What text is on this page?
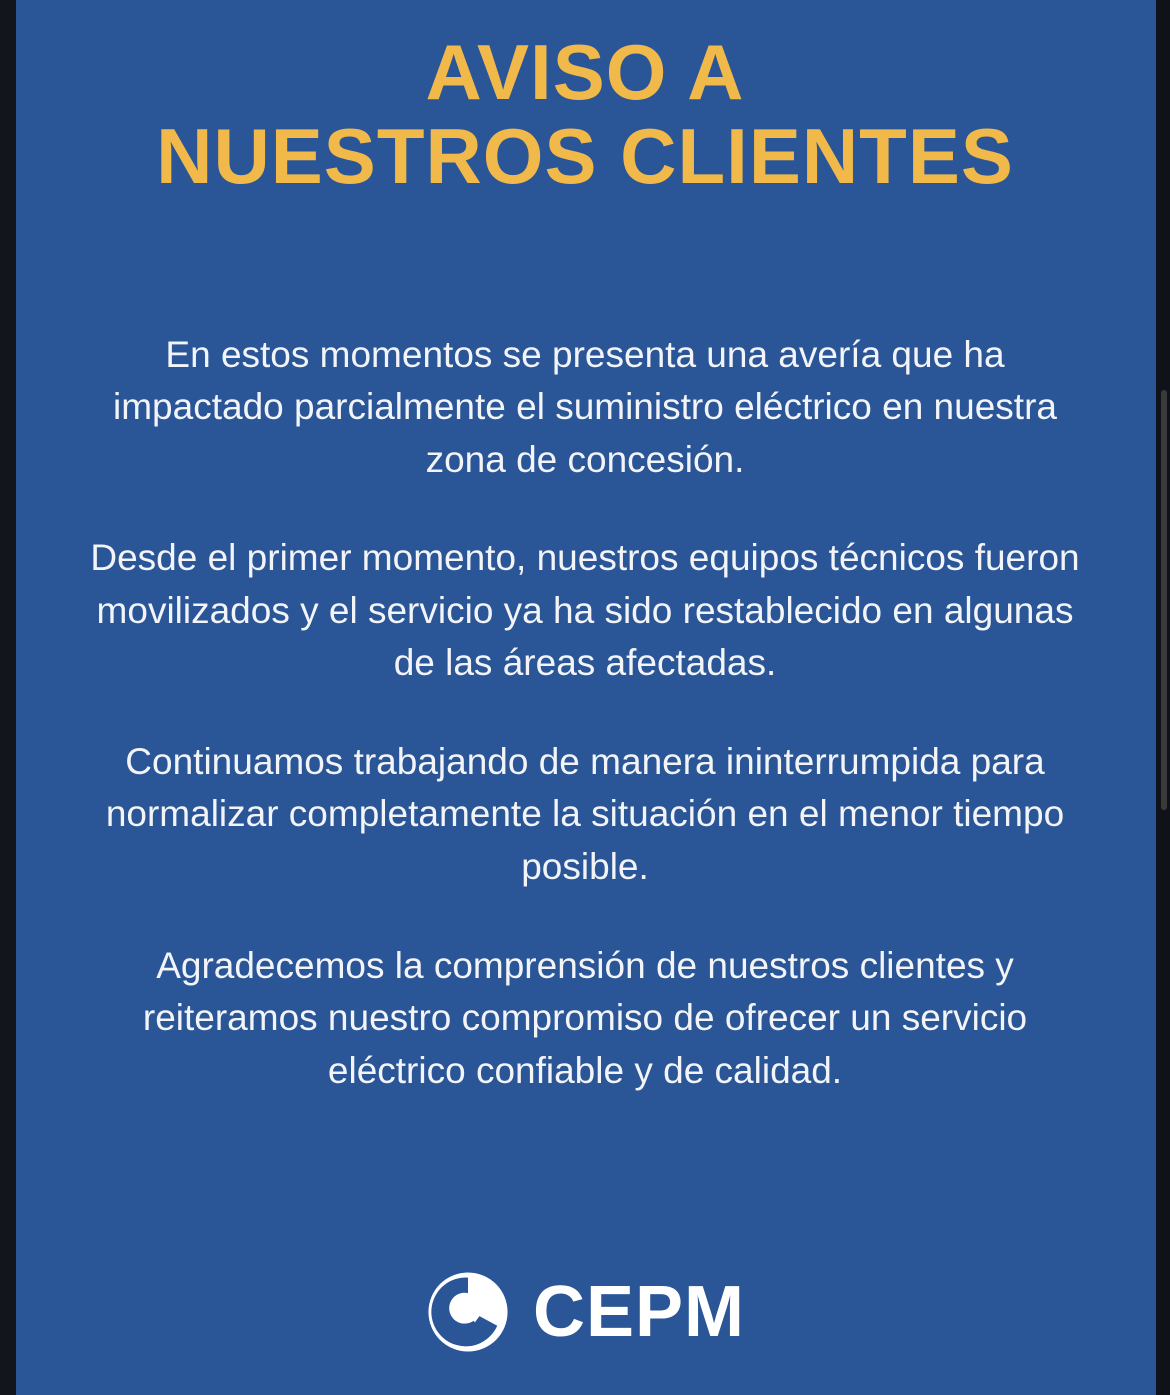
AVISO A
NUESTROS CLIENTES

En estos momentos se presenta una avería que ha impactado parcialmente el suministro eléctrico en nuestra zona de concesión.

Desde el primer momento, nuestros equipos técnicos fueron movilizados y el servicio ya ha sido restablecido en algunas de las áreas afectadas.

Continuamos trabajando de manera ininterrumpida para normalizar completamente la situación en el menor tiempo posible.

Agradecemos la comprensión de nuestros clientes y reiteramos nuestro compromiso de ofrecer un servicio eléctrico confiable y de calidad.

CEPM
